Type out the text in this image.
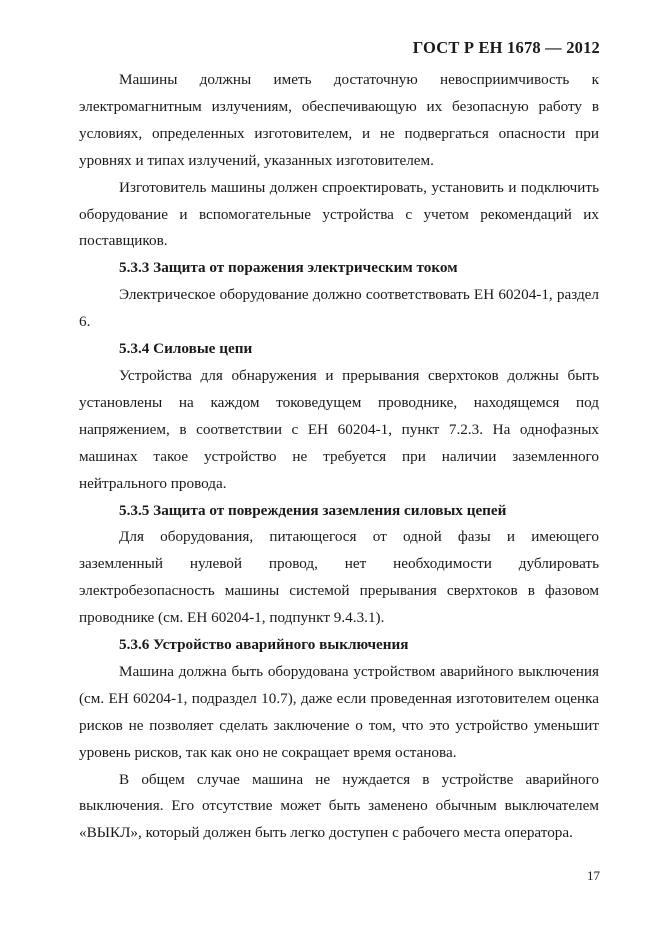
ГОСТ Р ЕН 1678 — 2012

Машины должны иметь достаточную невосприимчивость к электромагнитным излучениям, обеспечивающую их безопасную работу в условиях, определенных изготовителем, и не подвергаться опасности при уровнях и типах излучений, указанных изготовителем.

Изготовитель машины должен спроектировать, установить и подключить оборудование и вспомогательные устройства с учетом рекомендаций их поставщиков.

5.3.3 Защита от поражения электрическим током

Электрическое оборудование должно соответствовать ЕН 60204-1, раздел 6.

5.3.4 Силовые цепи

Устройства для обнаружения и прерывания сверхтоков должны быть установлены на каждом токоведущем проводнике, находящемся под напряжением, в соответствии с ЕН 60204-1, пункт 7.2.3. На однофазных машинах такое устройство не требуется при наличии заземленного нейтрального провода.

5.3.5 Защита от повреждения заземления силовых цепей

Для оборудования, питающегося от одной фазы и имеющего заземленный нулевой провод, нет необходимости дублировать электробезопасность машины системой прерывания сверхтоков в фазовом проводнике (см. ЕН 60204-1, подпункт 9.4.3.1).

5.3.6 Устройство аварийного выключения

Машина должна быть оборудована устройством аварийного выключения (см. ЕН 60204-1, подраздел 10.7), даже если проведенная изготовителем оценка рисков не позволяет сделать заключение о том, что это устройство уменьшит уровень рисков, так как оно не сокращает время останова.

В общем случае машина не нуждается в устройстве аварийного выключения. Его отсутствие может быть заменено обычным выключателем «ВЫКЛ», который должен быть легко доступен с рабочего места оператора.

17
